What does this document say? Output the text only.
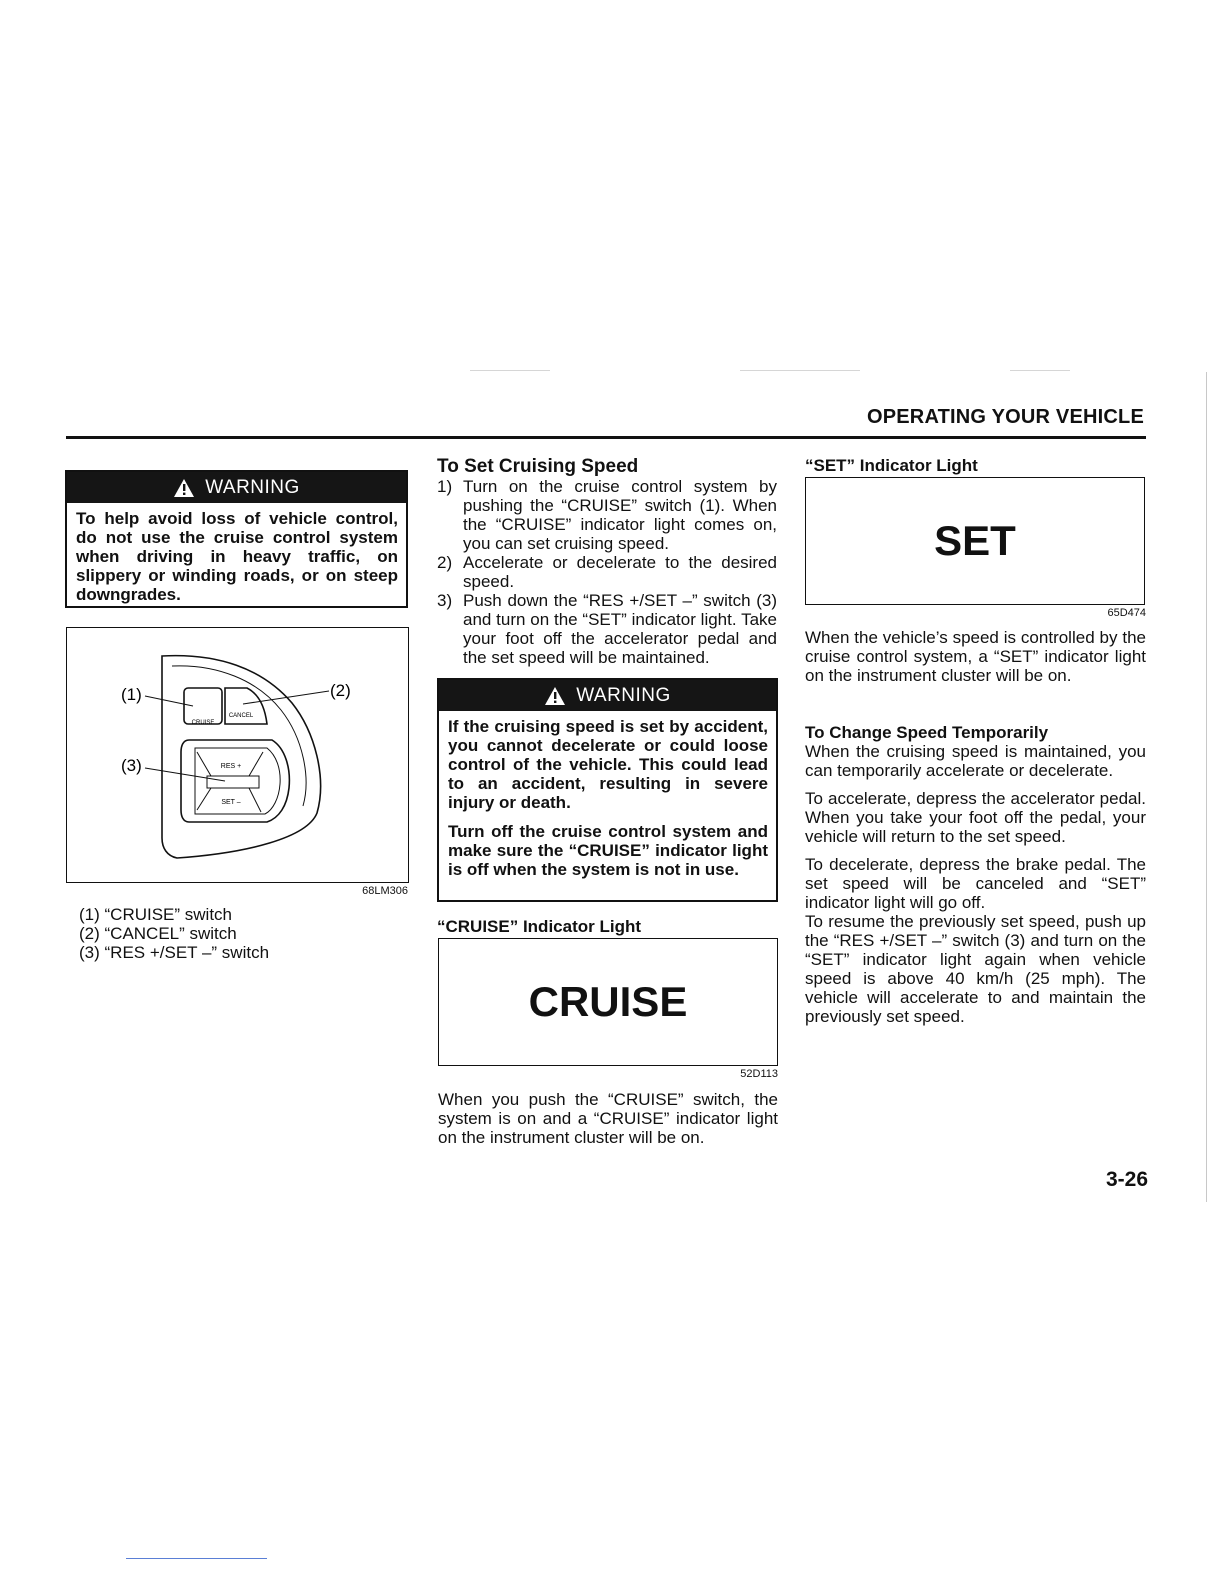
OPERATING YOUR VEHICLE
WARNING
To help avoid loss of vehicle control, do not use the cruise control system when driving in heavy traffic, on slippery or winding roads, or on steep downgrades.
CRUISE
CANCEL
RES +
SET –
(1)	(2)
(3)
68LM306
(1) “CRUISE” switch
(2) “CANCEL” switch
(3) “RES +/SET –” switch
To Set Cruising Speed
1) Turn on the cruise control system by pushing the “CRUISE” switch (1). When the “CRUISE” indicator light comes on, you can set cruising speed.
2) Accelerate or decelerate to the desired speed.
3) Push down the “RES +/SET –” switch (3) and turn on the “SET” indicator light. Take your foot off the accelerator pedal and the set speed will be maintained.
WARNING

If the cruising speed is set by accident, you cannot decelerate or could loose control of the vehicle. This could lead to an accident, resulting in severe injury or death.

Turn off the cruise control system and make sure the “CRUISE” indicator light is off when the system is not in use.

“CRUISE” Indicator Light
CRUISE
52D113
When you push the “CRUISE” switch, the system is on and a “CRUISE” indicator light on the instrument cluster will be on.
“SET” Indicator Light
SET
65D474
When the vehicle’s speed is controlled by the cruise control system, a “SET” indicator light on the instrument cluster will be on.
To Change Speed Temporarily

When the cruising speed is maintained, you can temporarily accelerate or decelerate.

To accelerate, depress the accelerator pedal. When you take your foot off the pedal, your vehicle will return to the set speed.

To decelerate, depress the brake pedal. The set speed will be canceled and “SET” indicator light will go off.

To resume the previously set speed, push up the “RES +/SET –” switch (3) and turn on the “SET” indicator light again when vehicle speed is above 40 km/h (25 mph). The vehicle will accelerate to and maintain the previously set speed.

3-26
